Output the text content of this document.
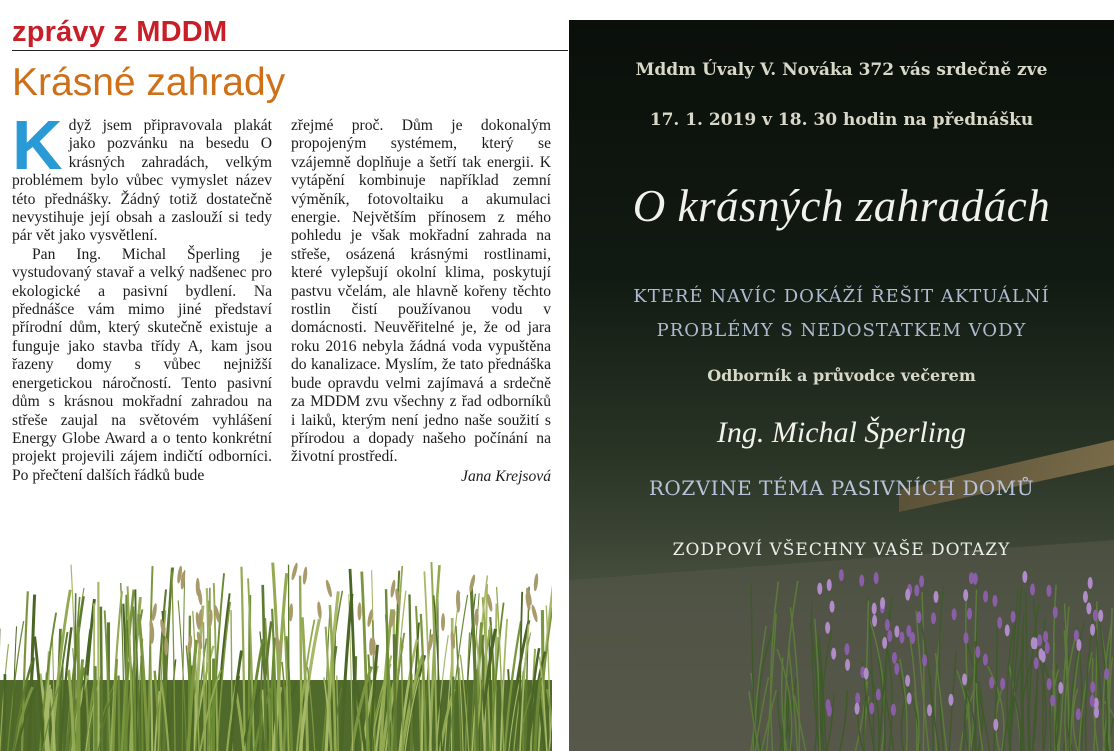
zprávy z MDDM
Krásné zahrady
K dyž jsem připravovala plakát jako pozvánku na besedu O krásných zahradách, velkým problémem bylo vůbec vymyslet název této přednášky. Žádný totiž dostatečně nevystihuje její obsah a zaslouží si tedy pár vět jako vysvětlení.

Pan Ing. Michal Šperling je vystudovaný stavař a velký nadšenec pro ekologické a pasivní bydlení. Na přednášce vám mimo jiné představí přírodní dům, který skutečně existuje a funguje jako stavba třídy A, kam jsou řazeny domy s vůbec nejnižší energetickou náročností. Tento pasivní dům s krásnou mokřadní zahradou na střeše zaujal na světovém vyhlášení Energy Globe Award a o tento konkrétní projekt projevili zájem indičtí odborníci. Po přečtení dalších řádků bude

zřejmé proč. Dům je dokonalým propojeným systémem, který se vzájemně doplňuje a šetří tak energii. K vytápění kombinuje například zemní výměník, fotovoltaiku a akumulaci energie. Největším přínosem z mého pohledu je však mokřadní zahrada na střeše, osázená krásnými rostlinami, které vylepšují okolní klima, poskytují pastvu včelám, ale hlavně kořeny těchto rostlin čistí používanou vodu v domácnosti. Neuvěřitelné je, že od jara roku 2016 nebyla žádná voda vypuštěna do kanalizace. Myslím, že tato přednáška bude opravdu velmi zajímavá a srdečně za MDDM zvu všechny z řad odborníků i laiků, kterým není jedno naše soužití s přírodou a dopady našeho počínání na životní prostředí.

Jana Krejsová

Mddm Úvaly V. Nováka 372 vás srdečně zve
17. 1. 2019 v 18. 30 hodin na přednášku
O krásných zahradách
KTERÉ NAVÍC DOKÁŽÍ ŘEŠIT AKTUÁLNÍ
PROBLÉMY S NEDOSTATKEM VODY
Odborník a průvodce večerem
Ing. Michal Šperling
ROZVINE TÉMA PASIVNÍCH DOMŮ
ZODPOVÍ VŠECHNY VAŠE DOTAZY
